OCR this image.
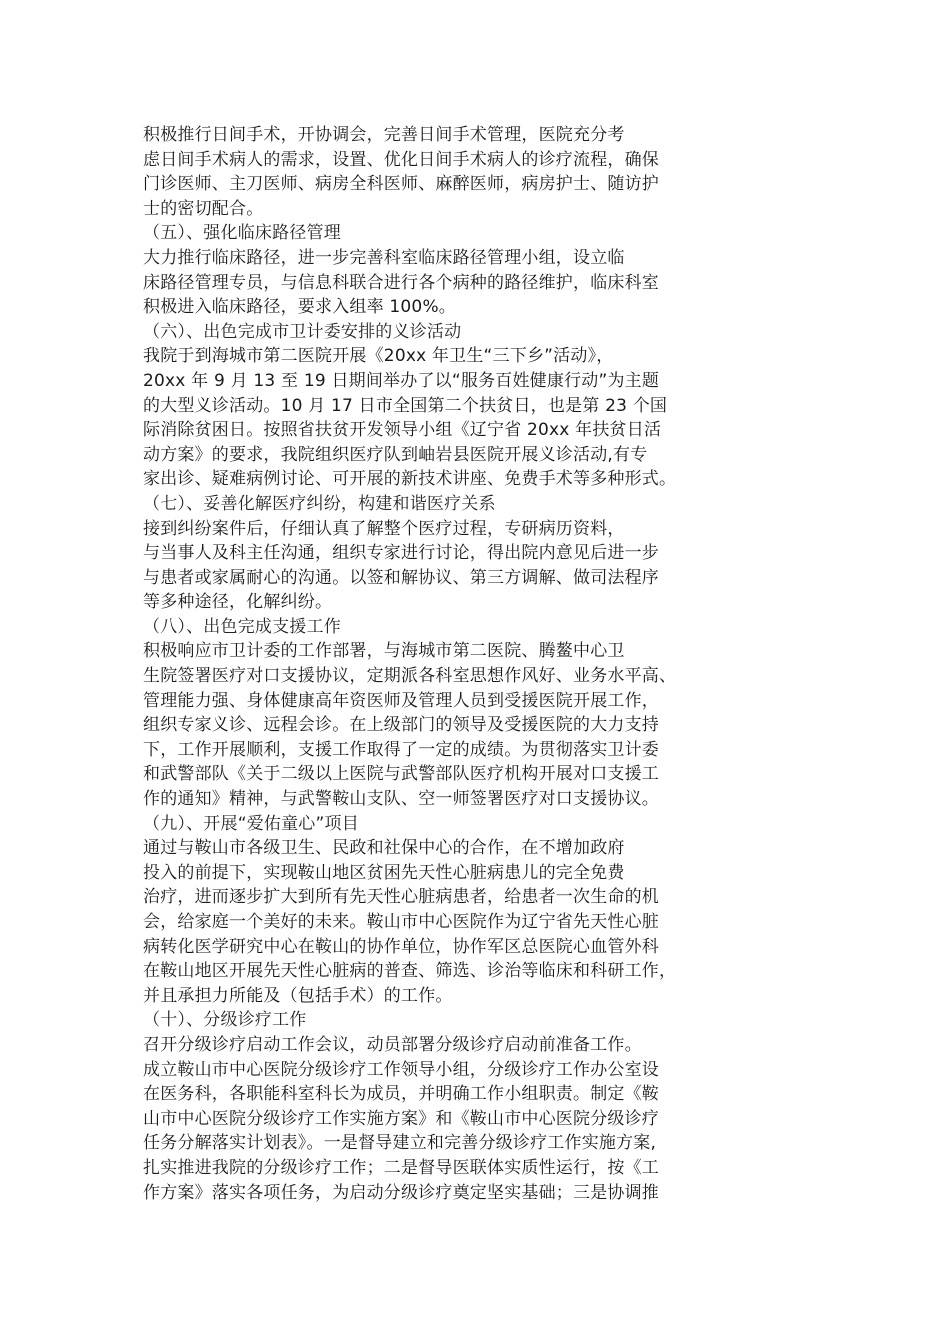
积极推行日间手术，开协调会，完善日间手术管理，医院充分考
虑日间手术病人的需求，设置、优化日间手术病人的诊疗流程，确保
门诊医师、主刀医师、病房全科医师、麻醉医师，病房护士、随访护
士的密切配合。
（五）、强化临床路径管理
大力推行临床路径，进一步完善科室临床路径管理小组，设立临
床路径管理专员，与信息科联合进行各个病种的路径维护，临床科室
积极进入临床路径，要求入组率 100%。
（六）、出色完成市卫计委安排的义诊活动
我院于到海城市第二医院开展《20xx 年卫生“三下乡”活动》，
20xx 年 9 月 13 至 19 日期间举办了以“服务百姓健康行动”为主题
的大型义诊活动。10 月 17 日市全国第二个扶贫日，也是第 23 个国
际消除贫困日。按照省扶贫开发领导小组《辽宁省 20xx 年扶贫日活
动方案》的要求，我院组织医疗队到岫岩县医院开展义诊活动,有专
家出诊、疑难病例讨论、可开展的新技术讲座、免费手术等多种形式。
（七）、妥善化解医疗纠纷，构建和谐医疗关系
接到纠纷案件后，仔细认真了解整个医疗过程，专研病历资料，
与当事人及科主任沟通，组织专家进行讨论，得出院内意见后进一步
与患者或家属耐心的沟通。以签和解协议、第三方调解、做司法程序
等多种途径，化解纠纷。
（八）、出色完成支援工作
积极响应市卫计委的工作部署，与海城市第二医院、腾鳌中心卫
生院签署医疗对口支援协议，定期派各科室思想作风好、业务水平高、
管理能力强、身体健康高年资医师及管理人员到受援医院开展工作，
组织专家义诊、远程会诊。在上级部门的领导及受援医院的大力支持
下，工作开展顺利，支援工作取得了一定的成绩。为贯彻落实卫计委
和武警部队《关于二级以上医院与武警部队医疗机构开展对口支援工
作的通知》精神，与武警鞍山支队、空一师签署医疗对口支援协议。
（九）、开展“爱佑童心”项目
通过与鞍山市各级卫生、民政和社保中心的合作，在不增加政府
投入的前提下，实现鞍山地区贫困先天性心脏病患儿的完全免费
治疗，进而逐步扩大到所有先天性心脏病患者，给患者一次生命的机
会，给家庭一个美好的未来。鞍山市中心医院作为辽宁省先天性心脏
病转化医学研究中心在鞍山的协作单位，协作军区总医院心血管外科
在鞍山地区开展先天性心脏病的普查、筛选、诊治等临床和科研工作，
并且承担力所能及（包括手术）的工作。
（十）、分级诊疗工作
召开分级诊疗启动工作会议，动员部署分级诊疗启动前准备工作。
成立鞍山市中心医院分级诊疗工作领导小组，分级诊疗工作办公室设
在医务科，各职能科室科长为成员，并明确工作小组职责。制定《鞍
山市中心医院分级诊疗工作实施方案》和《鞍山市中心医院分级诊疗
任务分解落实计划表》。一是督导建立和完善分级诊疗工作实施方案,
扎实推进我院的分级诊疗工作；二是督导医联体实质性运行，按《工
作方案》落实各项任务，为启动分级诊疗奠定坚实基础；三是协调推
